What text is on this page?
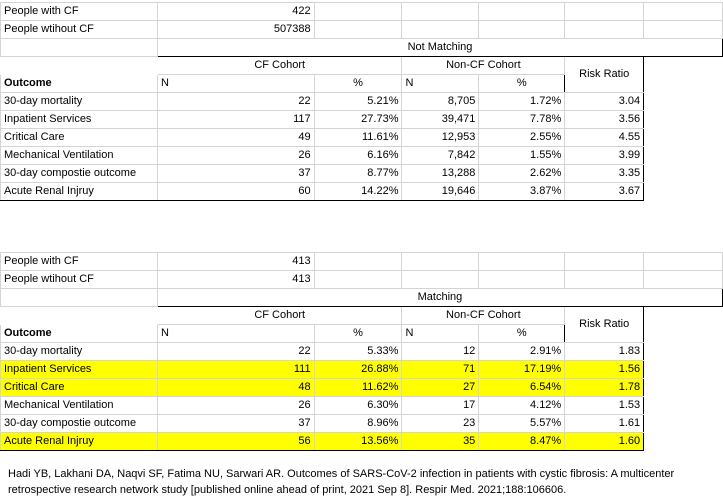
People with CF	422					
People wtihout CF	507388					
	Not Matching					
	CF Cohort		Non-CF Cohort		Risk Ratio	
Outcome	N	%	N	%		
30-day mortality	22	5.21%	8,705	1.72%	3.04	
Inpatient Services	117	27.73%	39,471	7.78%	3.56	
Critical Care	49	11.61%	12,953	2.55%	4.55	
Mechanical Ventilation	26	6.16%	7,842	1.55%	3.99	
30-day compostie outcome	37	8.77%	13,288	2.62%	3.35	
Acute Renal Injruy	60	14.22%	19,646	3.87%	3.67	
People with CF	413					
People wtihout CF	413					
	Matching					
	CF Cohort		Non-CF Cohort		Risk Ratio	
Outcome	N	%	N	%		
30-day mortality	22	5.33%	12	2.91%	1.83	
Inpatient Services	111	26.88%	71	17.19%	1.56	
Critical Care	48	11.62%	27	6.54%	1.78	
Mechanical Ventilation	26	6.30%	17	4.12%	1.53	
30-day compostie outcome	37	8.96%	23	5.57%	1.61	
Acute Renal Injruy	56	13.56%	35	8.47%	1.60	
Hadi YB, Lakhani DA, Naqvi SF, Fatima NU, Sarwari AR. Outcomes of SARS-CoV-2 infection in patients with cystic fibrosis: A multicenter retrospective research network study [published online ahead of print, 2021 Sep 8]. Respir Med. 2021;188:106606.
